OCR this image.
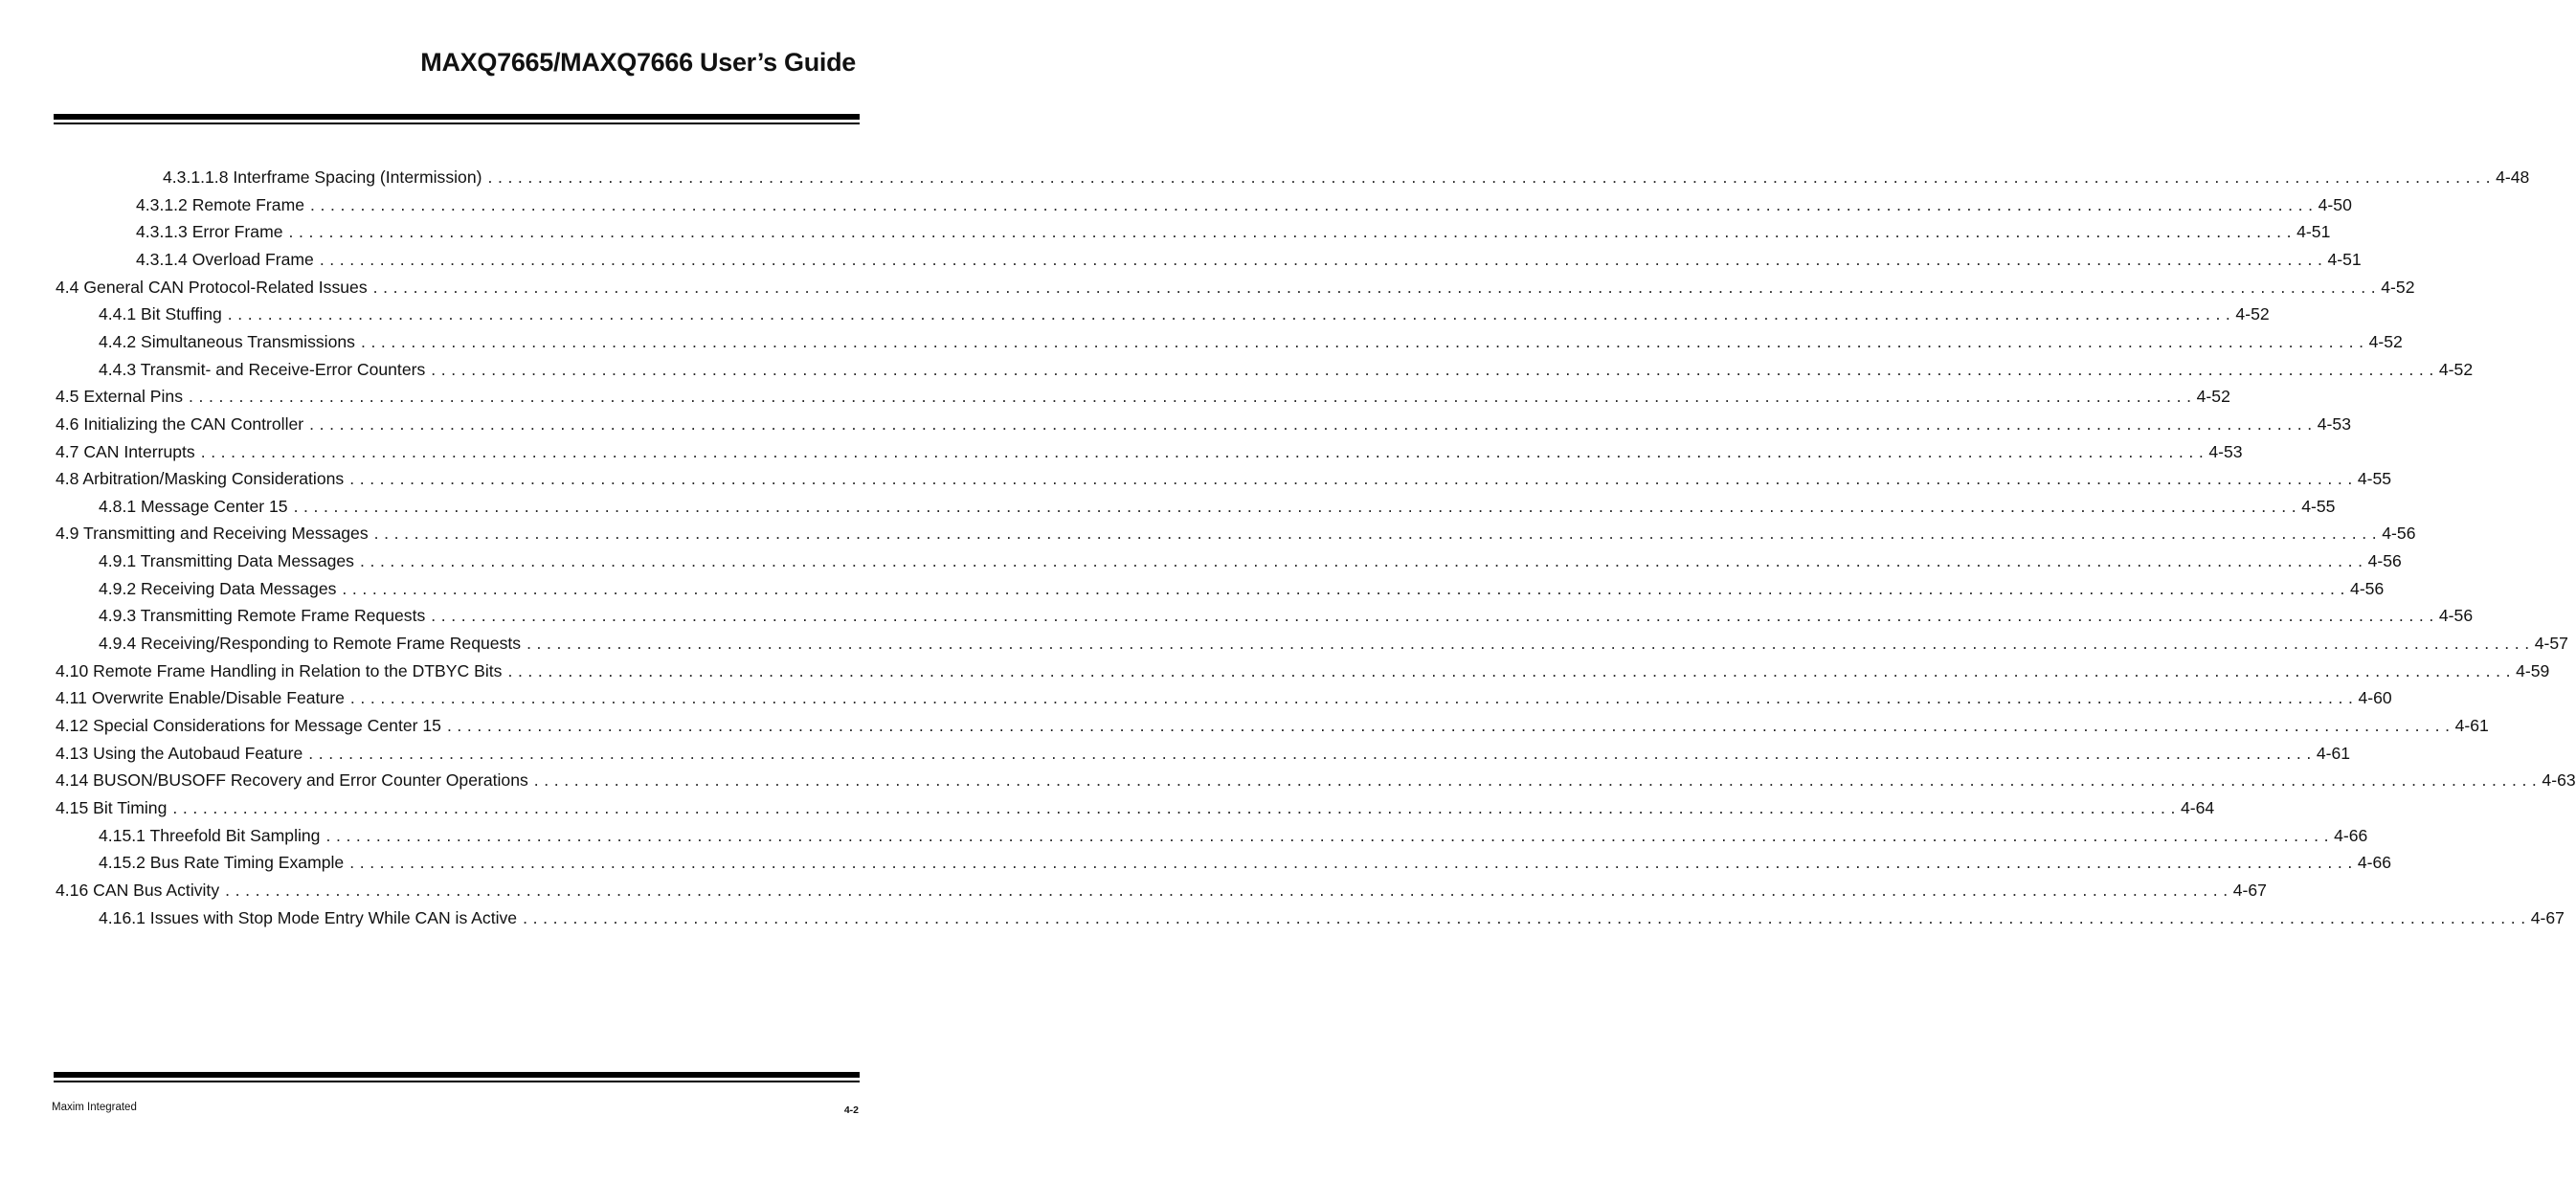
MAXQ7665/MAXQ7666 User’s Guide
4.3.1.1.8 Interframe Spacing (Intermission) ........................................................................................................................................................................................................ 4-48
4.3.1.2 Remote Frame ........................................................................................................................................................................................................ 4-50
4.3.1.3 Error Frame ........................................................................................................................................................................................................ 4-51
4.3.1.4 Overload Frame ........................................................................................................................................................................................................ 4-51
4.4 General CAN Protocol-Related Issues ........................................................................................................................................................................................................ 4-52
4.4.1 Bit Stuffing ........................................................................................................................................................................................................ 4-52
4.4.2 Simultaneous Transmissions ........................................................................................................................................................................................................ 4-52
4.4.3 Transmit- and Receive-Error Counters ........................................................................................................................................................................................................ 4-52
4.5 External Pins ........................................................................................................................................................................................................ 4-52
4.6 Initializing the CAN Controller ........................................................................................................................................................................................................ 4-53
4.7 CAN Interrupts ........................................................................................................................................................................................................ 4-53
4.8 Arbitration/Masking Considerations ........................................................................................................................................................................................................ 4-55
4.8.1 Message Center 15 ........................................................................................................................................................................................................ 4-55
4.9 Transmitting and Receiving Messages ........................................................................................................................................................................................................ 4-56
4.9.1 Transmitting Data Messages ........................................................................................................................................................................................................ 4-56
4.9.2 Receiving Data Messages ........................................................................................................................................................................................................ 4-56
4.9.3 Transmitting Remote Frame Requests ........................................................................................................................................................................................................ 4-56
4.9.4 Receiving/Responding to Remote Frame Requests ........................................................................................................................................................................................................ 4-57
4.10 Remote Frame Handling in Relation to the DTBYC Bits ........................................................................................................................................................................................................ 4-59
4.11 Overwrite Enable/Disable Feature ........................................................................................................................................................................................................ 4-60
4.12 Special Considerations for Message Center 15 ........................................................................................................................................................................................................ 4-61
4.13 Using the Autobaud Feature ........................................................................................................................................................................................................ 4-61
4.14 BUSON/BUSOFF Recovery and Error Counter Operations ........................................................................................................................................................................................................ 4-63
4.15 Bit Timing ........................................................................................................................................................................................................ 4-64
4.15.1 Threefold Bit Sampling ........................................................................................................................................................................................................ 4-66
4.15.2 Bus Rate Timing Example ........................................................................................................................................................................................................ 4-66
4.16 CAN Bus Activity ........................................................................................................................................................................................................ 4-67
4.16.1 Issues with Stop Mode Entry While CAN is Active ........................................................................................................................................................................................................ 4-67
Maxim Integrated	4-2
